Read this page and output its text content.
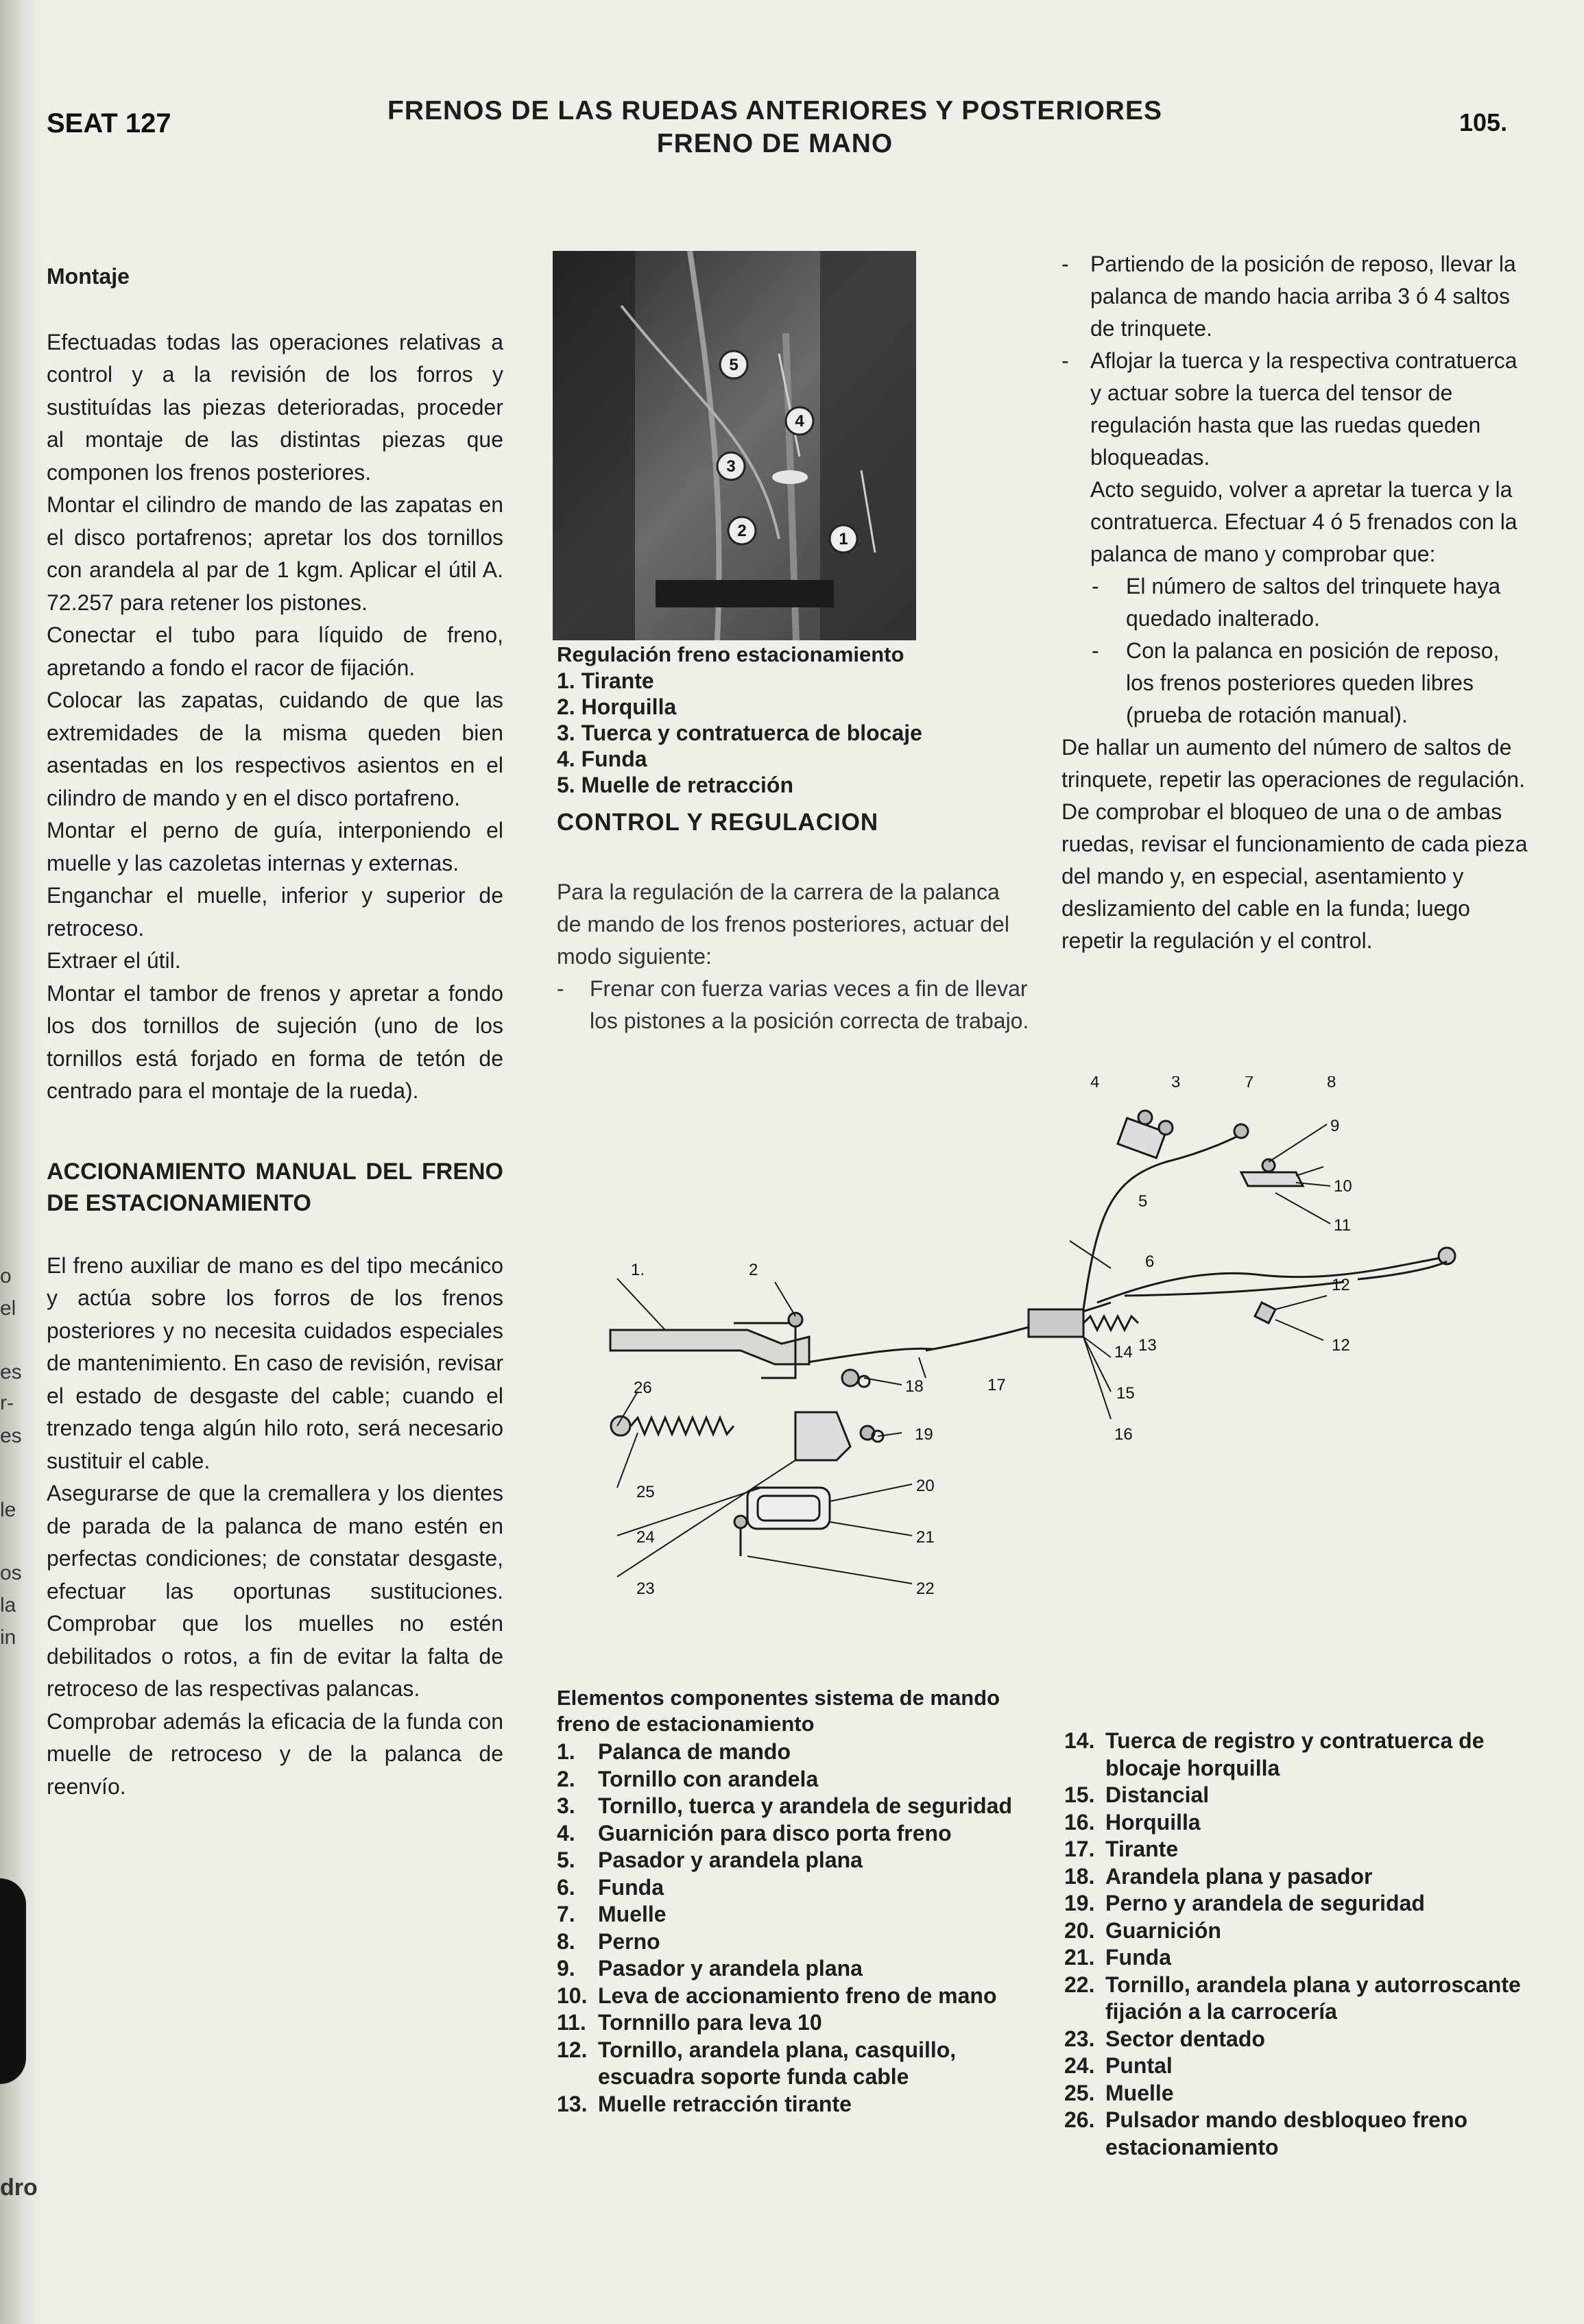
o
el
es
r-
es
le
os
la
in
dro
SEAT 127	FRENOS DE LAS RUEDAS ANTERIORES Y POSTERIORES
FRENO DE MANO
105.

Montaje

Efectuadas todas las operaciones relativas a control y a la revisión de los forros y sustituídas las piezas deterioradas, proceder al montaje de las distintas piezas que componen los frenos posteriores.

Montar el cilindro de mando de las zapatas en el disco portafrenos; apretar los dos tornillos con arandela al par de 1 kgm. Aplicar el útil A. 72.257 para retener los pistones.

Conectar el tubo para líquido de freno, apretando a fondo el racor de fijación.

Colocar las zapatas, cuidando de que las extremidades de la misma queden bien asentadas en los respectivos asientos en el cilindro de mando y en el disco portafreno.

Montar el perno de guía, interponiendo el muelle y las cazoletas internas y externas.

Enganchar el muelle, inferior y superior de retroceso.

Extraer el útil.

Montar el tambor de frenos y apretar a fondo los dos tornillos de sujeción (uno de los tornillos está forjado en forma de tetón de centrado para el montaje de la rueda).

ACCIONAMIENTO MANUAL DEL FRENO DE ESTACIONAMIENTO

El freno auxiliar de mano es del tipo mecánico y actúa sobre los forros de los frenos posteriores y no necesita cuidados especiales de mantenimiento. En caso de revisión, revisar el estado de desgaste del cable; cuando el trenzado tenga algún hilo roto, será necesario sustituir el cable.

Asegurarse de que la cremallera y los dientes de parada de la palanca de mano estén en perfectas condiciones; de constatar desgaste, efectuar las oportunas sustituciones. Comprobar que los muelles no estén debilitados o rotos, a fin de evitar la falta de retroceso de las respectivas palancas.

Comprobar además la eficacia de la funda con muelle de retroceso y de la palanca de reenvío.

5
4
3
2	1
Regulación freno estacionamiento
1. Tirante
2. Horquilla
3. Tuerca y contratuerca de blocaje
4. Funda
5. Muelle de retracción
CONTROL Y REGULACION

Para la regulación de la carrera de la palanca de mando de los frenos posteriores, actuar del modo siguiente:

- Frenar con fuerza varias veces a fin de llevar los pistones a la posición correcta de trabajo.

- Partiendo de la posición de reposo, llevar la palanca de mando hacia arriba 3 ó 4 saltos de trinquete.

- Aflojar la tuerca y la respectiva contratuerca y actuar sobre la tuerca del tensor de regulación hasta que las ruedas queden bloqueadas.

Acto seguido, volver a apretar la tuerca y la contratuerca. Efectuar 4 ó 5 frenados con la palanca de mano y comprobar que:

- El número de saltos del trinquete haya quedado inalterado.

- Con la palanca en posición de reposo, los frenos posteriores queden libres (prueba de rotación manual).

De hallar un aumento del número de saltos de trinquete, repetir las operaciones de regulación.

De comprobar el bloqueo de una o de ambas ruedas, revisar el funcionamiento de cada pieza del mando y, en especial, asentamiento y deslizamiento del cable en la funda; luego repetir la regulación y el control.

4	3	7	8
9
5
10
11
6
12
13
14	12
15
16
1.	2
26	18	17
19
25	20
24	21
23	22
Elementos componentes sistema de mando freno de estacionamiento
1. Palanca de mando
2. Tornillo con arandela
3. Tornillo, tuerca y arandela de seguridad
4. Guarnición para disco porta freno
5. Pasador y arandela plana
6. Funda
7. Muelle
8. Perno
9. Pasador y arandela plana
10. Leva de accionamiento freno de mano
11. Tornnillo para leva 10
12. Tornillo, arandela plana, casquillo, escuadra soporte funda cable
13. Muelle retracción tirante
14. Tuerca de registro y contratuerca de blocaje horquilla
15. Distancial
16. Horquilla
17. Tirante
18. Arandela plana y pasador
19. Perno y arandela de seguridad
20. Guarnición
21. Funda
22. Tornillo, arandela plana y autorroscante fijación a la carrocería
23. Sector dentado
24. Puntal
25. Muelle
26. Pulsador mando desbloqueo freno estacionamiento
